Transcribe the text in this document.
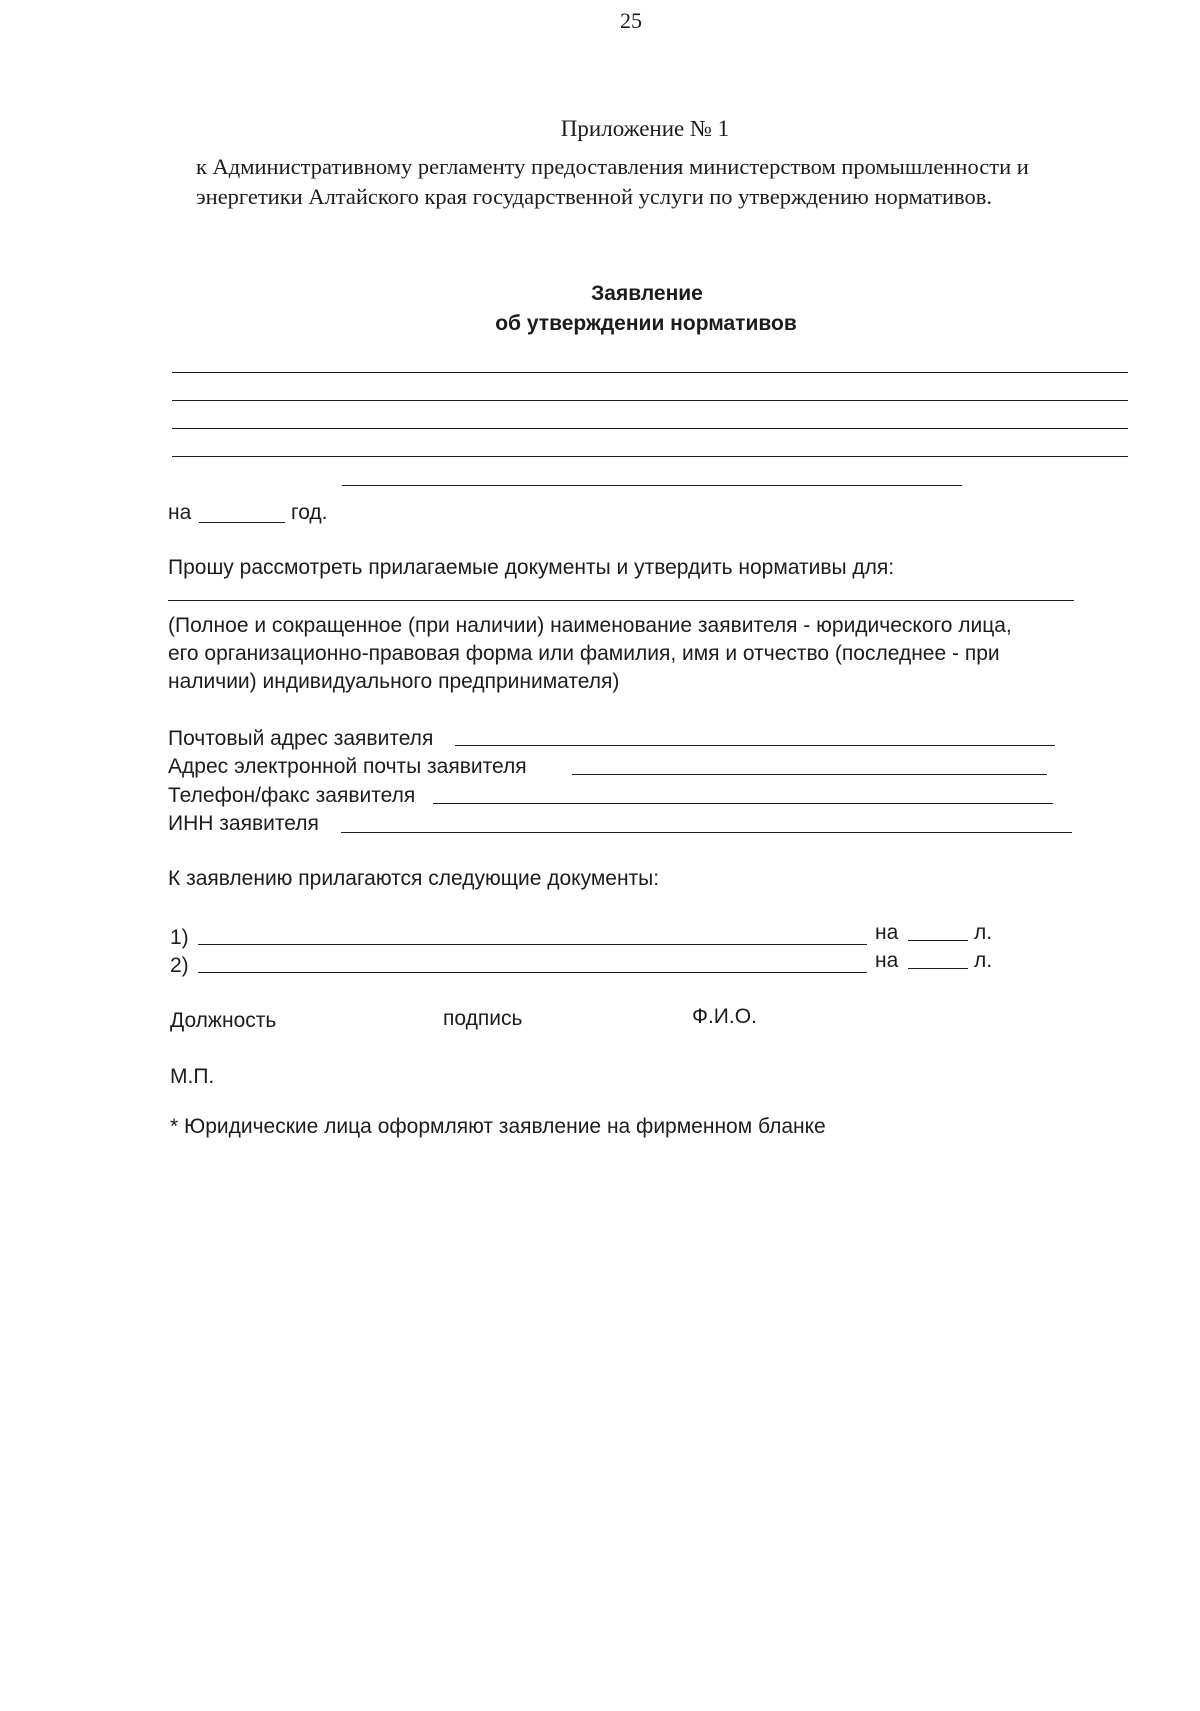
25
Приложение № 1
к Административному регламенту предоставления министерством промышленности и энергетики Алтайского края государственной услуги по утверждению нормативов.
Заявление
об утверждении нормативов
на	год.
Прошу рассмотреть прилагаемые документы и утвердить нормативы для:
(Полное и сокращенное (при наличии) наименование заявителя - юридического лица, его организационно-правовая форма или фамилия, имя и отчество (последнее - при наличии) индивидуального предпринимателя)
Почтовый адрес заявителя
Адрес электронной почты заявителя
Телефон/факс заявителя
ИНН заявителя
К заявлению прилагаются следующие документы:
1)	на	л.
2)	на	л.
Должность	подпись	Ф.И.О.
М.П.
* Юридические лица оформляют заявление на фирменном бланке
